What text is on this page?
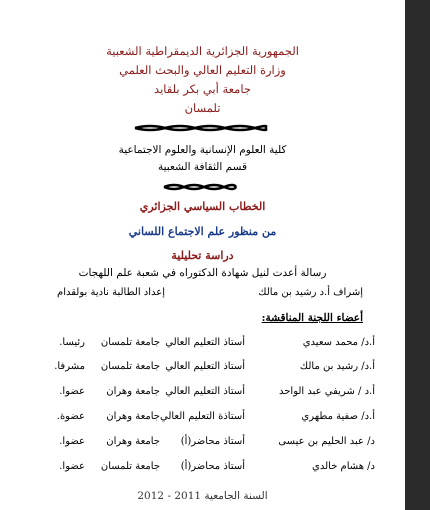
الجمهورية الجزائرية الديمقراطية الشعبية
وزارة التعليم العالي والبحث العلمي
جامعة أبي بكر بلقايد
تلمسان
كلية العلوم الإنسانية والعلوم الاجتماعية
قسم الثقافة الشعبية
الخطاب السياسي الجزائري
من منظور علم الاجتماع اللساني
دراسة تحليلية
رسالة أعدت لنيل شهادة الدكتوراه في شعبة علم اللهجات
إشراف أ.د رشيد بن مالك
إعداد الطالبة نادية بولقدام
أعضاء اللجنة المناقشة:
أ.د/ محمد سعيدي
أستاذ التعليم العالي
جامعة تلمسان
رئيسا.
أ.د/ رشيد بن مالك
أستاذ التعليم العالي
جامعة تلمسان
مشرفا.
أ.د / شريفي عبد الواحد
أستاذ التعليم العالي
جامعة وهران
عضوا.
أ.د/ صفية مطهري
أستاذة التعليم العالي
جامعة وهران
عضوة.
د/ عبد الحليم بن عيسى
أستاذ محاضر(أ)
جامعة وهران
عضوا.
د/ هشام خالدي
أستاذ محاضر(أ)
جامعة تلمسان
عضوا.
السنة الجامعية 2011 - 2012
